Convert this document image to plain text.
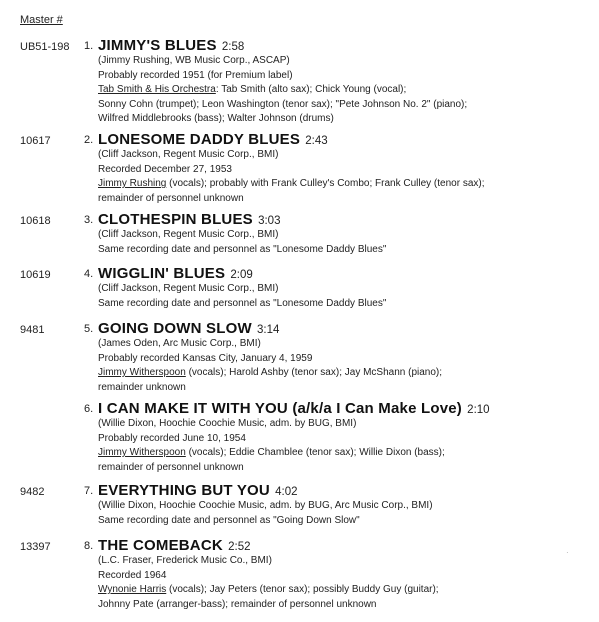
Master #
UB51-198 1. JIMMY'S BLUES 2:58
(Jimmy Rushing, WB Music Corp., ASCAP)
Probably recorded 1951 (for Premium label)
Tab Smith & His Orchestra: Tab Smith (alto sax); Chick Young (vocal);
Sonny Cohn (trumpet); Leon Washington (tenor sax); "Pete Johnson No. 2" (piano);
Wilfred Middlebrooks (bass); Walter Johnson (drums)
10617	2. LONESOME DADDY BLUES 2:43
(Cliff Jackson, Regent Music Corp., BMI)
Recorded December 27, 1953
Jimmy Rushing (vocals); probably with Frank Culley's Combo; Frank Culley (tenor sax);
remainder of personnel unknown
10618	3. CLOTHESPIN BLUES 3:03
(Cliff Jackson, Regent Music Corp., BMI)
Same recording date and personnel as "Lonesome Daddy Blues"
10619	4. WIGGLIN' BLUES 2:09
(Cliff Jackson, Regent Music Corp., BMI)
Same recording date and personnel as "Lonesome Daddy Blues"
9481	5. GOING DOWN SLOW 3:14
(James Oden, Arc Music Corp., BMI)
Probably recorded Kansas City, January 4, 1959
Jimmy Witherspoon (vocals); Harold Ashby (tenor sax); Jay McShann (piano);
remainder unknown
6. I CAN MAKE IT WITH YOU (a/k/a I Can Make Love) 2:10
(Willie Dixon, Hoochie Coochie Music, adm. by BUG, BMI)
Probably recorded June 10, 1954
Jimmy Witherspoon (vocals); Eddie Chamblee (tenor sax); Willie Dixon (bass);
remainder of personnel unknown
9482	7. EVERYTHING BUT YOU 4:02
(Willie Dixon, Hoochie Coochie Music, adm. by BUG, Arc Music Corp., BMI)
Same recording date and personnel as "Going Down Slow"
13397	8. THE COMEBACK 2:52
(L.C. Fraser, Frederick Music Co., BMI)
Recorded 1964
Wynonie Harris (vocals); Jay Peters (tenor sax); possibly Buddy Guy (guitar);
Johnny Pate (arranger-bass); remainder of personnel unknown
·
